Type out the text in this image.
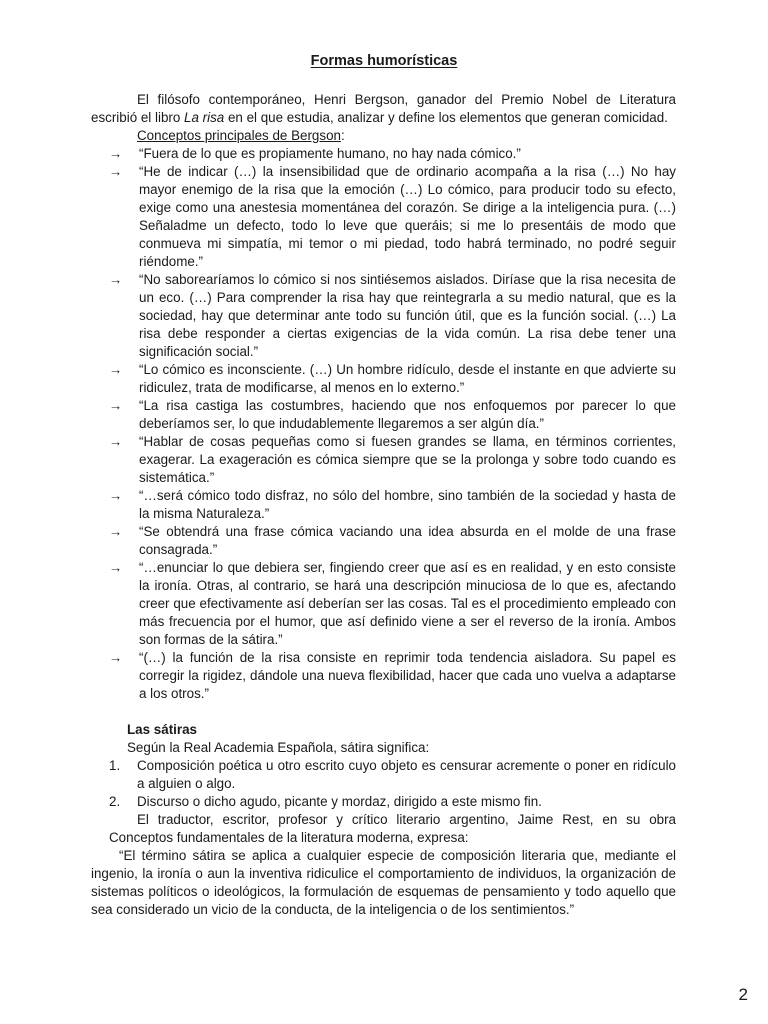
Formas humorísticas

El filósofo contemporáneo, Henri Bergson, ganador del Premio Nobel de Literatura escribió el libro La risa en el que estudia, analizar y define los elementos que generan comicidad.

Conceptos principales de Bergson:

→	“Fuera de lo que es propiamente humano, no hay nada cómico.”
→	“He de indicar (…) la insensibilidad que de ordinario acompaña a la risa (…) No hay mayor enemigo de la risa que la emoción (…) Lo cómico, para producir todo su efecto, exige como una anestesia momentánea del corazón. Se dirige a la inteligencia pura. (…) Señaladme un defecto, todo lo leve que queráis; si me lo presentáis de modo que conmueva mi simpatía, mi temor o mi piedad, todo habrá terminado, no podré seguir riéndome.”
→	“No saborearíamos lo cómico si nos sintiésemos aislados. Diríase que la risa necesita de un eco. (…) Para comprender la risa hay que reintegrarla a su medio natural, que es la sociedad, hay que determinar ante todo su función útil, que es la función social. (…) La risa debe responder a ciertas exigencias de la vida común. La risa debe tener una significación social.”
→	“Lo cómico es inconsciente. (…) Un hombre ridículo, desde el instante en que advierte su ridiculez, trata de modificarse, al menos en lo externo.”
→	“La risa castiga las costumbres, haciendo que nos enfoquemos por parecer lo que deberíamos ser, lo que indudablemente llegaremos a ser algún día.”
→	“Hablar de cosas pequeñas como si fuesen grandes se llama, en términos corrientes, exagerar. La exageración es cómica siempre que se la prolonga y sobre todo cuando es sistemática.”
→	“…será cómico todo disfraz, no sólo del hombre, sino también de la sociedad y hasta de la misma Naturaleza.”
→	“Se obtendrá una frase cómica vaciando una idea absurda en el molde de una frase consagrada.”
→	“…enunciar lo que debiera ser, fingiendo creer que así es en realidad, y en esto consiste la ironía. Otras, al contrario, se hará una descripción minuciosa de lo que es, afectando creer que efectivamente así deberían ser las cosas. Tal es el procedimiento empleado con más frecuencia por el humor, que así definido viene a ser el reverso de la ironía. Ambos son formas de la sátira.”
→	“(…) la función de la risa consiste en reprimir toda tendencia aisladora. Su papel es corregir la rigidez, dándole una nueva flexibilidad, hacer que cada uno vuelva a adaptarse a los otros.”

Las sátiras

Según la Real Academia Española, sátira significa:

1.	Composición poética u otro escrito cuyo objeto es censurar acremente o poner en ridículo a alguien o algo.
2.	Discurso o dicho agudo, picante y mordaz, dirigido a este mismo fin.

El traductor, escritor, profesor y crítico literario argentino, Jaime Rest, en su obra Conceptos fundamentales de la literatura moderna, expresa:

“El término sátira se aplica a cualquier especie de composición literaria que, mediante el ingenio, la ironía o aun la inventiva ridiculice el comportamiento de individuos, la organización de sistemas políticos o ideológicos, la formulación de esquemas de pensamiento y todo aquello que sea considerado un vicio de la conducta, de la inteligencia o de los sentimientos.”

2
